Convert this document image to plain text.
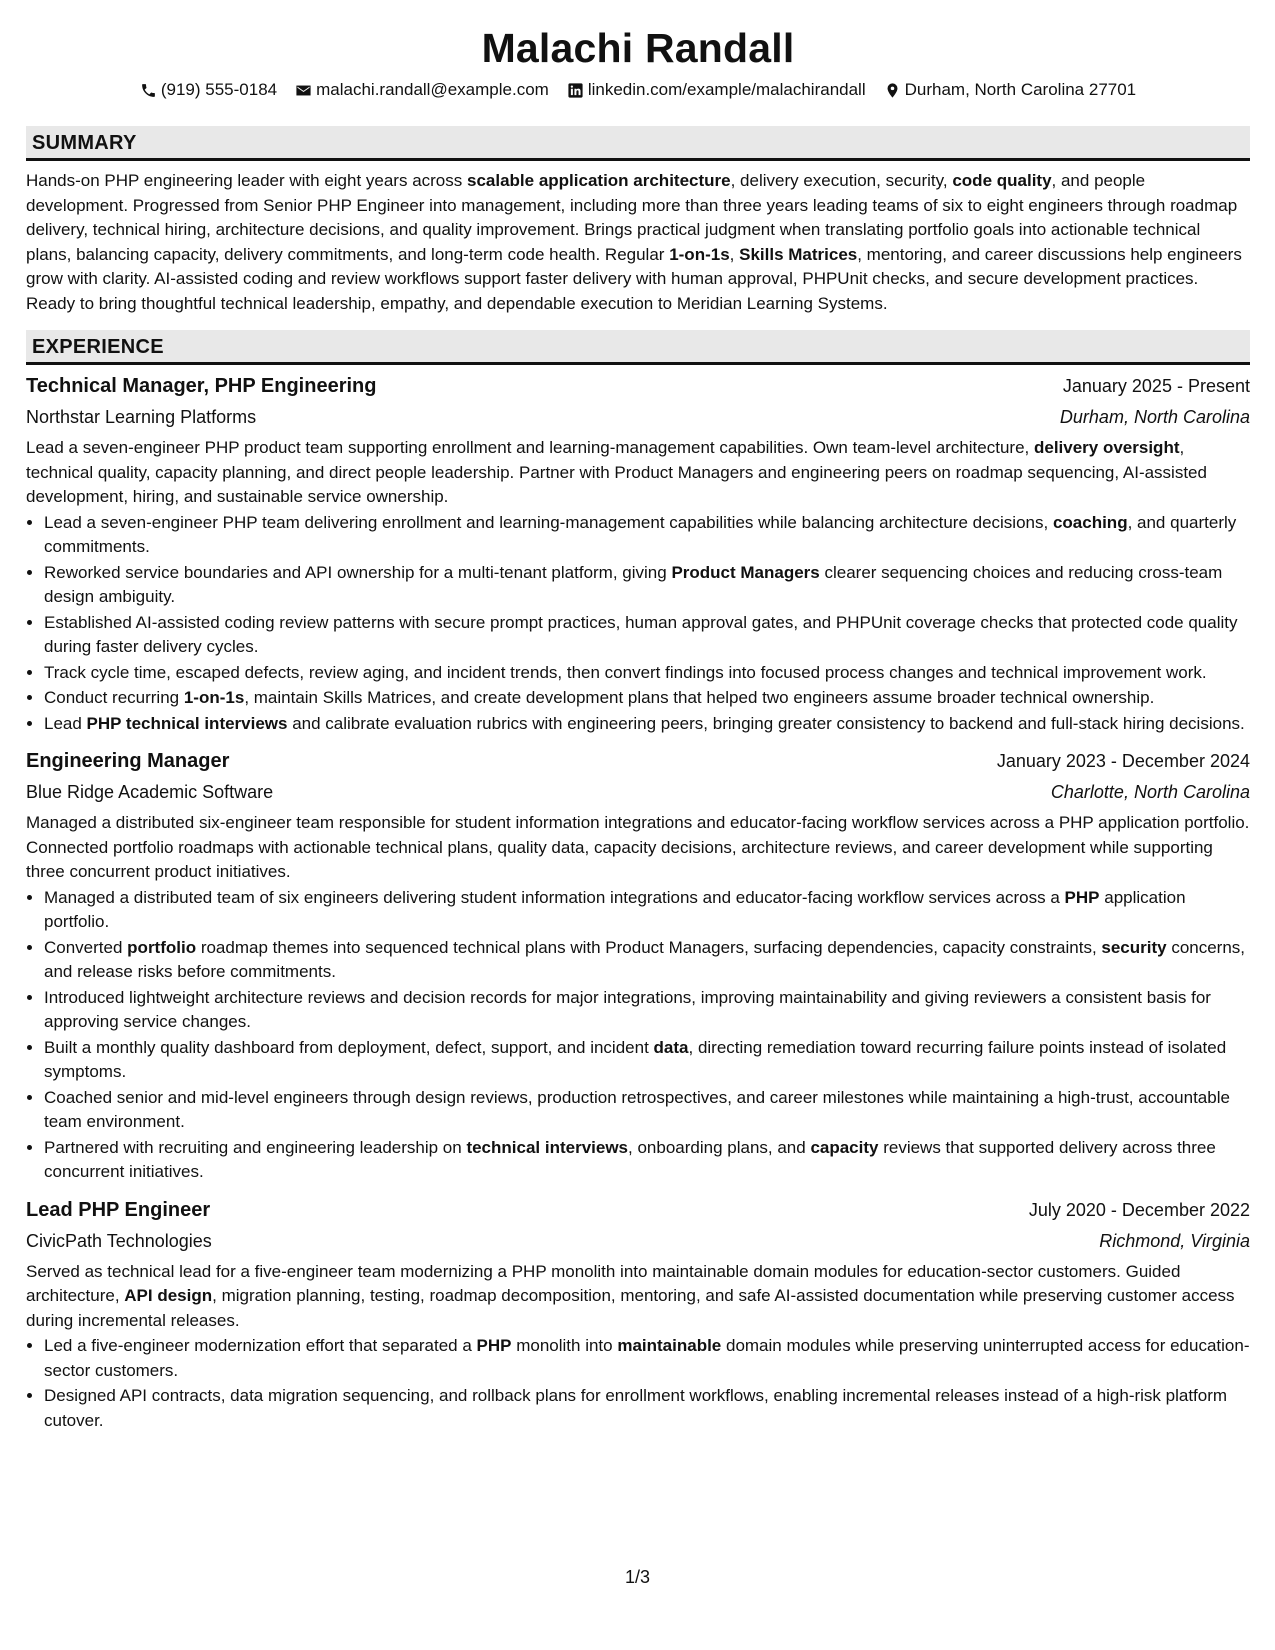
Malachi Randall
(919) 555-0184 malachi.randall@example.com linkedin.com/example/malachirandall Durham, North Carolina 27701
SUMMARY
Hands-on PHP engineering leader with eight years across scalable application architecture, delivery execution, security, code quality, and people development. Progressed from Senior PHP Engineer into management, including more than three years leading teams of six to eight engineers through roadmap delivery, technical hiring, architecture decisions, and quality improvement. Brings practical judgment when translating portfolio goals into actionable technical plans, balancing capacity, delivery commitments, and long-term code health. Regular 1-on-1s, Skills Matrices, mentoring, and career discussions help engineers grow with clarity. AI-assisted coding and review workflows support faster delivery with human approval, PHPUnit checks, and secure development practices. Ready to bring thoughtful technical leadership, empathy, and dependable execution to Meridian Learning Systems.
EXPERIENCE
Technical Manager, PHP Engineering	January 2025 - Present
Northstar Learning Platforms	Durham, North Carolina
Lead a seven-engineer PHP product team supporting enrollment and learning-management capabilities. Own team-level architecture, delivery oversight, technical quality, capacity planning, and direct people leadership. Partner with Product Managers and engineering peers on roadmap sequencing, AI-assisted development, hiring, and sustainable service ownership.
• Lead a seven-engineer PHP team delivering enrollment and learning-management capabilities while balancing architecture decisions, coaching, and quarterly commitments.
• Reworked service boundaries and API ownership for a multi-tenant platform, giving Product Managers clearer sequencing choices and reducing cross-team design ambiguity.
• Established AI-assisted coding review patterns with secure prompt practices, human approval gates, and PHPUnit coverage checks that protected code quality during faster delivery cycles.
• Track cycle time, escaped defects, review aging, and incident trends, then convert findings into focused process changes and technical improvement work.
• Conduct recurring 1-on-1s, maintain Skills Matrices, and create development plans that helped two engineers assume broader technical ownership.
• Lead PHP technical interviews and calibrate evaluation rubrics with engineering peers, bringing greater consistency to backend and full-stack hiring decisions.
Engineering Manager	January 2023 - December 2024
Blue Ridge Academic Software	Charlotte, North Carolina
Managed a distributed six-engineer team responsible for student information integrations and educator-facing workflow services across a PHP application portfolio. Connected portfolio roadmaps with actionable technical plans, quality data, capacity decisions, architecture reviews, and career development while supporting three concurrent product initiatives.
• Managed a distributed team of six engineers delivering student information integrations and educator-facing workflow services across a PHP application portfolio.
• Converted portfolio roadmap themes into sequenced technical plans with Product Managers, surfacing dependencies, capacity constraints, security concerns, and release risks before commitments.
• Introduced lightweight architecture reviews and decision records for major integrations, improving maintainability and giving reviewers a consistent basis for approving service changes.
• Built a monthly quality dashboard from deployment, defect, support, and incident data, directing remediation toward recurring failure points instead of isolated symptoms.
• Coached senior and mid-level engineers through design reviews, production retrospectives, and career milestones while maintaining a high-trust, accountable team environment.
• Partnered with recruiting and engineering leadership on technical interviews, onboarding plans, and capacity reviews that supported delivery across three concurrent initiatives.
Lead PHP Engineer	July 2020 - December 2022
CivicPath Technologies	Richmond, Virginia
Served as technical lead for a five-engineer team modernizing a PHP monolith into maintainable domain modules for education-sector customers. Guided architecture, API design, migration planning, testing, roadmap decomposition, mentoring, and safe AI-assisted documentation while preserving customer access during incremental releases.
• Led a five-engineer modernization effort that separated a PHP monolith into maintainable domain modules while preserving uninterrupted access for education-sector customers.
• Designed API contracts, data migration sequencing, and rollback plans for enrollment workflows, enabling incremental releases instead of a high-risk platform cutover.
1/3
